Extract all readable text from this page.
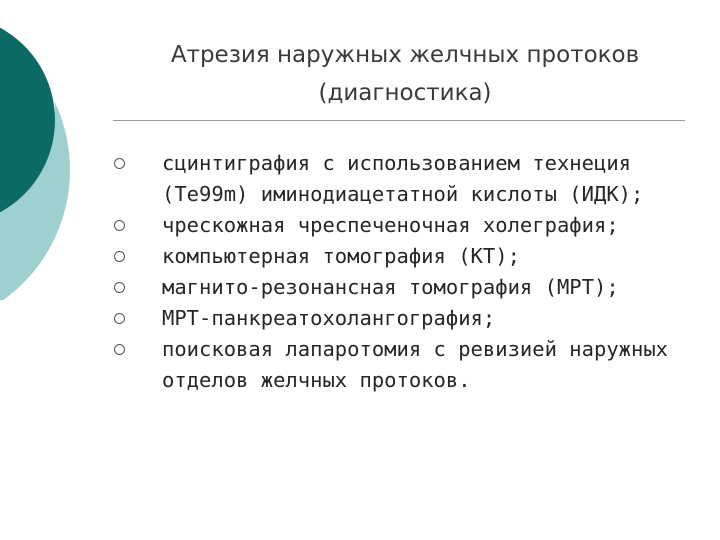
Атрезия наружных желчных протоков
(диагностика)
сцинтиграфия с использованием технеция (Те99m) иминодиацетатной кислоты (ИДК);
чрескожная чреспеченочная холеграфия;
компьютерная томография (КТ);
магнито-резонансная томография (МРТ);
МРТ-панкреатохолангография;
поисковая лапаротомия с ревизией наружных отделов желчных протоков.
